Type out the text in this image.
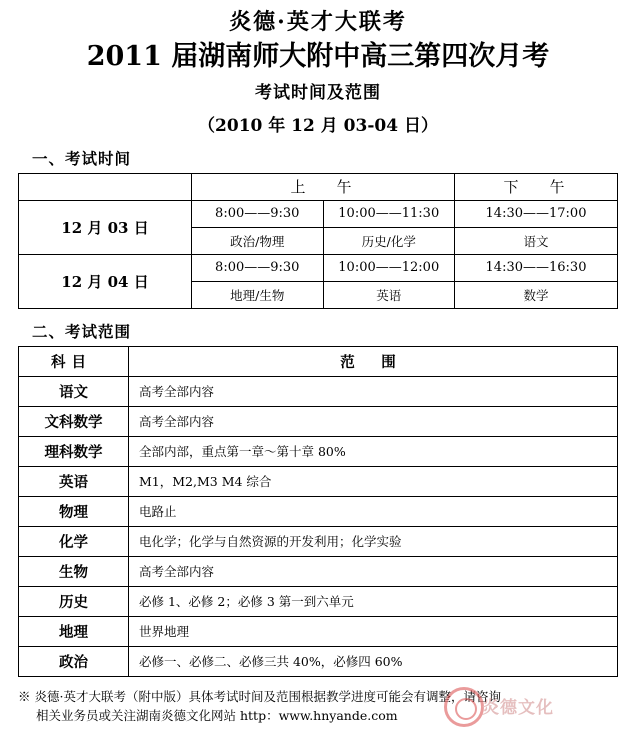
炎德·英才大联考
2011 届湖南师大附中高三第四次月考
考试时间及范围
（2010 年 12 月 03-04 日）
一、考试时间
	上　午		下　午
12 月 03 日	8:00——9:30	10:00——11:30	14:30——17:00
	政治/物理	历史/化学	语文
12 月 04 日	8:00——9:30	10:00——12:00	14:30——16:30
	地理/生物	英语	数学
二、考试范围
科目	范　围
语文	高考全部内容
文科数学	高考全部内容
理科数学	全部内部，重点第一章～第十章 80%
英语	M1，M2,M3 M4 综合
物理	电路止
化学	电化学；化学与自然资源的开发利用；化学实验
生物	高考全部内容
历史	必修 1、必修 2；必修 3 第一到六单元
地理	世界地理
政治	必修一、必修二、必修三共 40%，必修四 60%
※ 炎德·英才大联考（附中版）具体考试时间及范围根据教学进度可能会有调整，请咨询
相关业务员或关注湖南炎德文化网站 http：www.hnyande.com	炎德文化
